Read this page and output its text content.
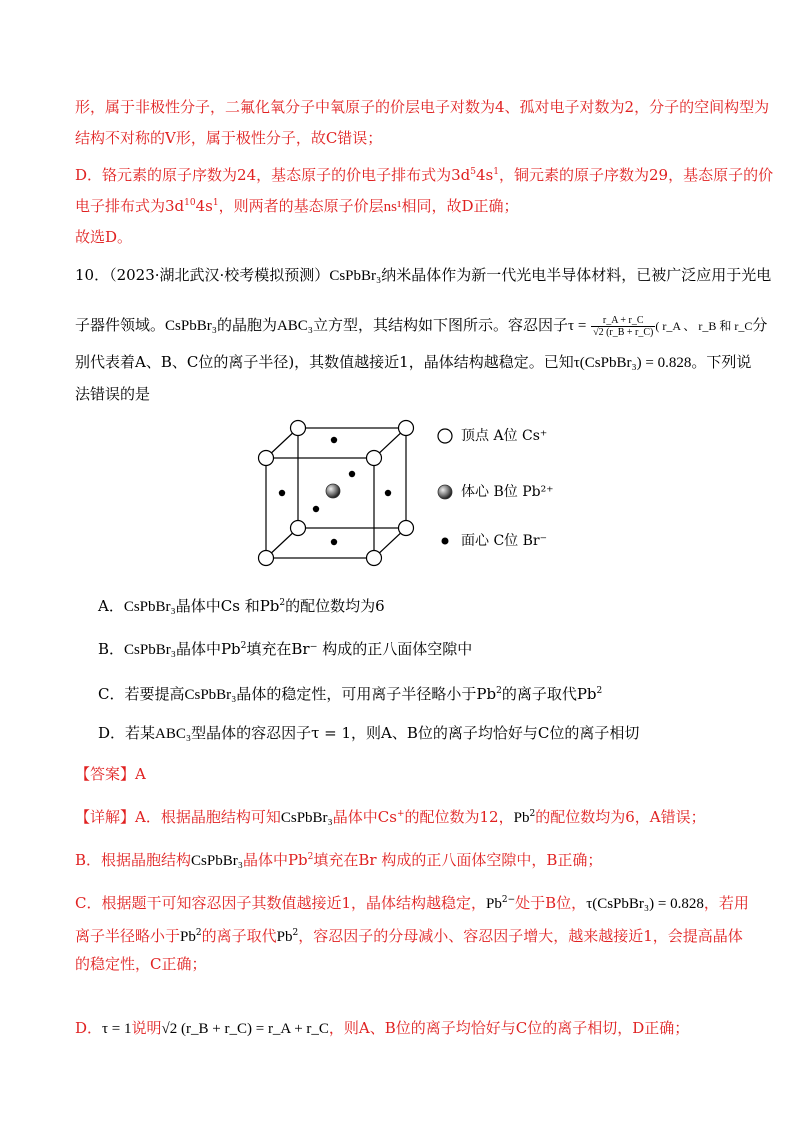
形，属于非极性分子，二氟化氧分子中氧原子的价层电子对数为4、孤对电子对数为2，分子的空间构型为
结构不对称的V形，属于极性分子，故C错误；
D．铬元素的原子序数为24，基态原子的价电子排布式为$3d^54s^1$，铜元素的原子序数为29，基态原子的价
电子排布式为$3d^{10}4s^1$，则两者的基态原子价层ns¹相同，故D正确；
故选D。
10．（2023·湖北武汉·校考模拟预测）CsPbBr₃纳米晶体作为新一代光电半导体材料，已被广泛应用于光电
子器件领域。CsPbBr₃的晶胞为ABC₃立方型，其结构如下图所示。容忍因子$\tau = \frac{r\_A + r\_C}{√2 (r\_B + r\_C)}$ ( r_A 、 r_B 和 r_C分
别代表着A、B、C位的离子半径)，其数值越接近1，晶体结构越稳定。已知τ(CsPbBr₃) = 0.828。下列说
法错误的是
顶点 A位 Cs⁺
体心 B位 Pb²⁺
面心 C位 Br⁻
A．CsPbBr₃晶体中Cs 和Pb$^2$的配位数均为6
B．CsPbBr₃晶体中Pb$^2$填充在Br⁻ 构成的正八面体空隙中
C．若要提高CsPbBr₃晶体的稳定性，可用离子半径略小于Pb$^2$的离子取代Pb$^2$
D．若某ABC₃型晶体的容忍因子τ = 1，则A、B位的离子均恰好与C位的离子相切
【答案】A
【详解】A．根据晶胞结构可知CsPbBr₃晶体中Cs+的配位数为12，Pb$^2$的配位数均为6，A错误；
B．根据晶胞结构CsPbBr₃晶体中Pb$^2$填充在Br 构成的正八面体空隙中，B正确；
C．根据题干可知容忍因子其数值越接近1，晶体结构越稳定，$Pb^{2-}$处于B位，τ(CsPbBr₃) = 0.828，若用
离子半径略小于Pb$^2$的离子取代Pb$^2$，容忍因子的分母减小、容忍因子增大，越来越接近1，会提高晶体
的稳定性，C正确；
D．τ = 1说明√2 (r_B + r_C) = r_A + r_C，则A、B位的离子均恰好与C位的离子相切，D正确；
